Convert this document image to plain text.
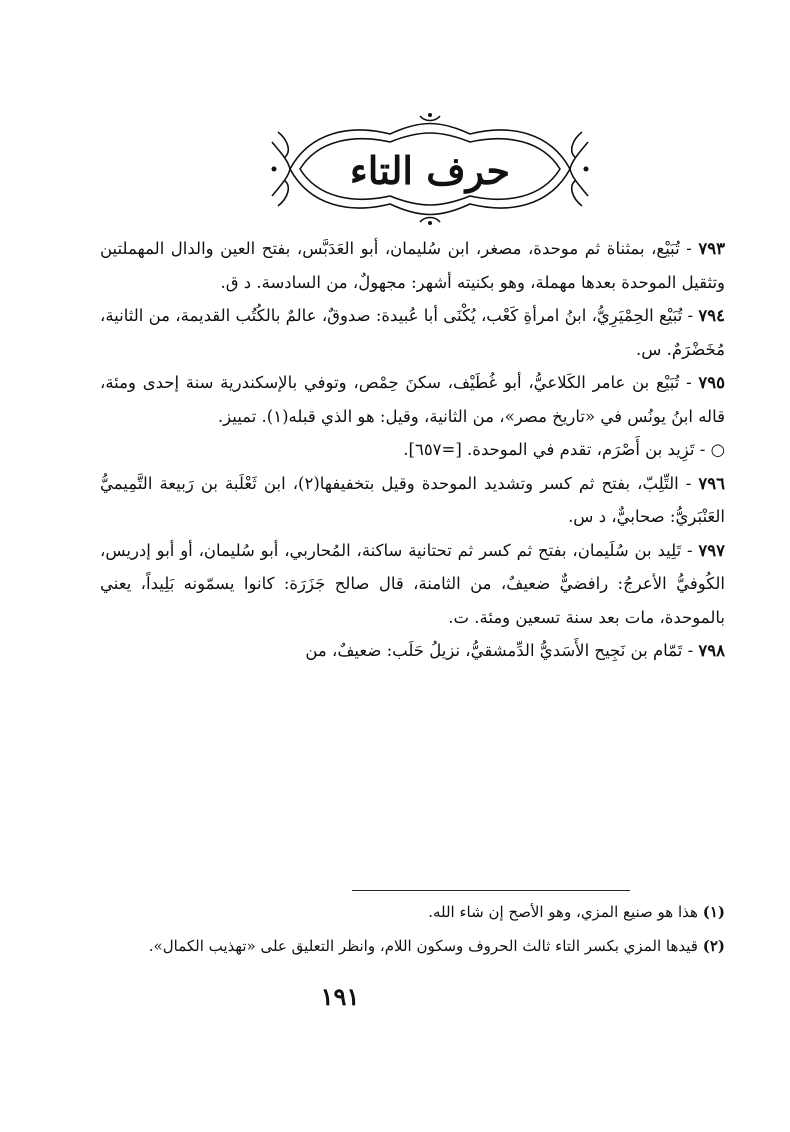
حرف التاء

٧٩٣ - تُبَيْع، بمثناة ثم موحدة، مصغر، ابن سُليمان، أبو العَدَبَّس، بفتح العين والدال المهملتين وتثقيل الموحدة بعدها مهملة، وهو بكنيته أشهر: مجهولٌ، من السادسة. د ق.

٧٩٤ - تُبَيْع الحِمْيَرِيُّ، ابنُ امرأةِ كَعْب، يُكْنَى أبا عُبيدة: صدوقٌ، عالمٌ بالكُتُب القديمة، من الثانية، مُخَضْرَمٌ. س.

٧٩٥ - تُبَيْع بن عامر الكَلاعيُّ، أبو غُطَيْف، سكنَ حِمْص، وتوفي بالإسكندرية سنة إحدى ومئة، قاله ابنُ يونُس في «تاريخ مصر»، من الثانية، وقيل: هو الذي قبله(١). تمييز.

○ - تَزِيد بن أَصْرَم، تقدم في الموحدة. [=٦٥٧].

٧٩٦ - التِّلِبّ، بفتح ثم كسر وتشديد الموحدة وقيل بتخفيفها(٢)، ابن ثَعْلَبة بن رَبيعة التَّمِيميُّ العَنْبَريُّ: صحابيٌّ، د س.

٧٩٧ - تَلِيد بن سُلَيمان، بفتح ثم كسر ثم تحتانية ساكنة، المُحاربي، أبو سُليمان، أو أبو إدريس، الكُوفيُّ الأعرجُ: رافضيٌّ ضعيفٌ، من الثامنة، قال صالح جَزَرَة: كانوا يسمّونه بَلِيداً، يعني بالموحدة، مات بعد سنة تسعين ومئة. ت.

٧٩٨ - تَمّام بن نَجِيح الأَسَديُّ الدِّمشقيُّ، نزيلُ حَلَب: ضعيفٌ، من

(١) هذا هو صنيع المزي، وهو الأصح إن شاء الله.

(٢) قيدها المزي بكسر التاء ثالث الحروف وسكون اللام، وانظر التعليق على «تهذيب الكمال».

١٩١
